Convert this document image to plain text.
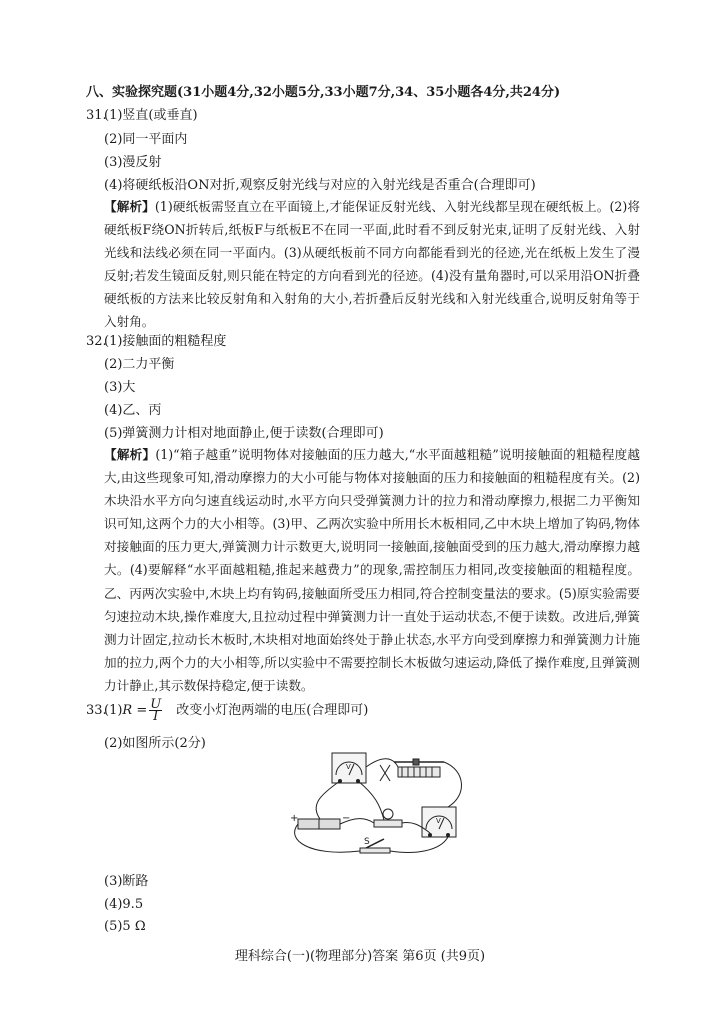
八、实验探究题(31小题4分,32小题5分,33小题7分,34、35小题各4分,共24分)
31.
(1)竖直(或垂直)
(2)同一平面内
(3)漫反射
(4)将硬纸板沿ON对折,观察反射光线与对应的入射光线是否重合(合理即可)
【解析】(1)硬纸板需竖直立在平面镜上,才能保证反射光线、入射光线都呈现在硬纸板上。(2)将硬纸板F绕ON折转后,纸板F与纸板E不在同一平面,此时看不到反射光束,证明了反射光线、入射光线和法线必须在同一平面内。(3)从硬纸板前不同方向都能看到光的径迹,光在纸板上发生了漫反射;若发生镜面反射,则只能在特定的方向看到光的径迹。(4)没有量角器时,可以采用沿ON折叠硬纸板的方法来比较反射角和入射角的大小,若折叠后反射光线和入射光线重合,说明反射角等于入射角。
32.
(1)接触面的粗糙程度
(2)二力平衡
(3)大
(4)乙、丙
(5)弹簧测力计相对地面静止,便于读数(合理即可)
【解析】(1)“箱子越重”说明物体对接触面的压力越大,“水平面越粗糙”说明接触面的粗糙程度越大,由这些现象可知,滑动摩擦力的大小可能与物体对接触面的压力和接触面的粗糙程度有关。(2)木块沿水平方向匀速直线运动时,水平方向只受弹簧测力计的拉力和滑动摩擦力,根据二力平衡知识可知,这两个力的大小相等。(3)甲、乙两次实验中所用长木板相同,乙中木块上增加了钩码,物体对接触面的压力更大,弹簧测力计示数更大,说明同一接触面,接触面受到的压力越大,滑动摩擦力越大。(4)要解释“水平面越粗糙,推起来越费力”的现象,需控制压力相同,改变接触面的粗糙程度。乙、丙两次实验中,木块上均有钩码,接触面所受压力相同,符合控制变量法的要求。(5)原实验需要匀速拉动木块,操作难度大,且拉动过程中弹簧测力计一直处于运动状态,不便于读数。改进后,弹簧测力计固定,拉动长木板时,木块相对地面始终处于静止状态,水平方向受到摩擦力和弹簧测力计施加的拉力,两个力的大小相等,所以实验中不需要控制长木板做匀速运动,降低了操作难度,且弹簧测力计静止,其示数保持稳定,便于读数。
33.
$(1)R = \frac{U}{I}$ 改变小灯泡两端的电压(合理即可)
(2)如图所示(2分)
+	−
S
V
V
(3)断路
(4)9.5
(5)5 Ω
理科综合(一)(物理部分)答案 第6页 (共9页)
